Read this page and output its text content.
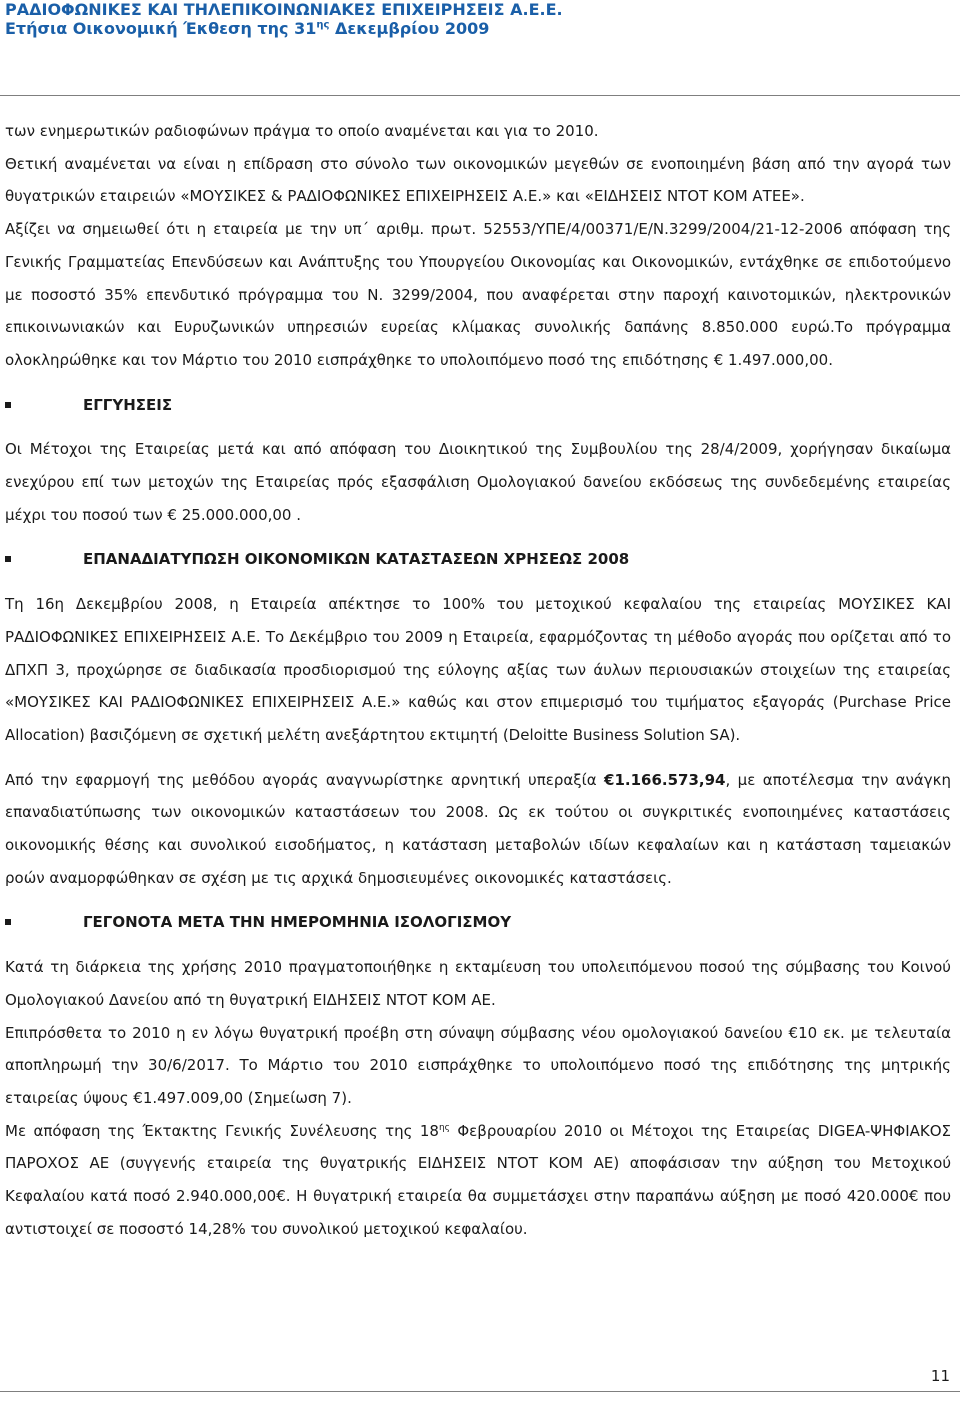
ΡΑΔΙΟΦΩΝΙΚΕΣ ΚΑΙ ΤΗΛΕΠΙΚΟΙΝΩΝΙΑΚΕΣ ΕΠΙΧΕΙΡΗΣΕΙΣ Α.Ε.Ε.
Ετήσια Οικονομική Έκθεση της $31^{\eta\varsigma}$ Δεκεμβρίου 2009

των ενημερωτικών ραδιοφώνων πράγμα το οποίο αναμένεται και για το 2010.

Θετική αναμένεται να είναι η επίδραση στο σύνολο των οικονομικών μεγεθών σε ενοποιημένη βάση από την αγορά των θυγατρικών εταιρειών «ΜΟΥΣΙΚΕΣ & ΡΑΔΙΟΦΩΝΙΚΕΣ ΕΠΙΧΕΙΡΗΣΕΙΣ Α.Ε.» και «ΕΙΔΗΣΕΙΣ ΝΤΟΤ ΚΟΜ ΑΤΕΕ».

Αξίζει να σημειωθεί ότι η εταιρεία με την υπ΄ αριθμ. πρωτ. 52553/ΥΠΕ/4/00371/Ε/Ν.3299/2004/21-12-2006 απόφαση της Γενικής Γραμματείας Επενδύσεων και Ανάπτυξης του Υπουργείου Οικονομίας και Οικονομικών, εντάχθηκε σε επιδοτούμενο με ποσοστό 35% επενδυτικό πρόγραμμα του Ν. 3299/2004, που αναφέρεται στην παροχή καινοτομικών, ηλεκτρονικών επικοινωνιακών και Ευρυζωνικών υπηρεσιών ευρείας κλίμακας συνολικής δαπάνης 8.850.000 ευρώ.Το πρόγραμμα ολοκληρώθηκε και τον Μάρτιο του 2010 εισπράχθηκε το υπολοιπόμενο ποσό της επιδότησης € 1.497.000,00.

ΕΓΓΥΗΣΕΙΣ

Οι Μέτοχοι της Εταιρείας μετά και από απόφαση του Διοικητικού της Συμβουλίου της 28/4/2009, χορήγησαν δικαίωμα ενεχύρου επί των μετοχών της Εταιρείας πρός εξασφάλιση Ομολογιακού δανείου εκδόσεως της συνδεδεμένης εταιρείας μέχρι του ποσού των € 25.000.000,00 .

ΕΠΑΝΑΔΙΑΤΥΠΩΣΗ ΟΙΚΟΝΟΜΙΚΩΝ ΚΑΤΑΣΤΑΣΕΩΝ ΧΡΗΣΕΩΣ 2008

Τη 16η Δεκεμβρίου 2008, η Εταιρεία απέκτησε το 100% του μετοχικού κεφαλαίου της εταιρείας ΜΟΥΣΙΚΕΣ ΚΑΙ ΡΑΔΙΟΦΩΝΙΚΕΣ ΕΠΙΧΕΙΡΗΣΕΙΣ Α.Ε. Το Δεκέμβριο του 2009 η Εταιρεία, εφαρμόζοντας τη μέθοδο αγοράς που ορίζεται από το ΔΠΧΠ 3, προχώρησε σε διαδικασία προσδιορισμού της εύλογης αξίας των άυλων περιουσιακών στοιχείων της εταιρείας «ΜΟΥΣΙΚΕΣ ΚΑΙ ΡΑΔΙΟΦΩΝΙΚΕΣ ΕΠΙΧΕΙΡΗΣΕΙΣ Α.Ε.» καθώς και στον επιμερισμό του τιμήματος εξαγοράς (Purchase Price Allocation) βασιζόμενη σε σχετική μελέτη ανεξάρτητου εκτιμητή (Deloitte Business Solution SA).

Από την εφαρμογή της μεθόδου αγοράς αναγνωρίστηκε αρνητική υπεραξία €1.166.573,94, με αποτέλεσμα την ανάγκη επαναδιατύπωσης των οικονομικών καταστάσεων του 2008. Ως εκ τούτου οι συγκριτικές ενοποιημένες καταστάσεις οικονομικής θέσης και συνολικού εισοδήματος, η κατάσταση μεταβολών ιδίων κεφαλαίων και η κατάσταση ταμειακών ροών αναμορφώθηκαν σε σχέση με τις αρχικά δημοσιευμένες οικονομικές καταστάσεις.

ΓΕΓΟΝΟΤΑ ΜΕΤΑ ΤΗΝ ΗΜΕΡΟΜΗΝΙΑ ΙΣΟΛΟΓΙΣΜΟΥ

Κατά τη διάρκεια της χρήσης 2010 πραγματοποιήθηκε η εκταμίευση του υπολειπόμενου ποσού της σύμβασης του Κοινού Ομολογιακού Δανείου από τη θυγατρική ΕΙΔΗΣΕΙΣ ΝΤΟΤ ΚΟΜ ΑΕ.

Επιπρόσθετα το 2010 η εν λόγω θυγατρική προέβη στη σύναψη σύμβασης νέου ομολογιακού δανείου €10 εκ. με τελευταία αποπληρωμή την 30/6/2017. Το Μάρτιο του 2010 εισπράχθηκε το υπολοιπόμενο ποσό της επιδότησης της μητρικής εταιρείας ύψους €1.497.009,00 (Σημείωση 7).

Με απόφαση της Έκτακτης Γενικής Συνέλευσης της $18^{\eta\varsigma}$ Φεβρουαρίου 2010 οι Μέτοχοι της Εταιρείας DIGEA-ΨΗΦΙΑΚΟΣ ΠΑΡΟΧΟΣ ΑΕ (συγγενής εταιρεία της θυγατρικής ΕΙΔΗΣΕΙΣ ΝΤΟΤ ΚΟΜ ΑΕ) αποφάσισαν την αύξηση του Μετοχικού Κεφαλαίου κατά ποσό 2.940.000,00€. Η θυγατρική εταιρεία θα συμμετάσχει στην παραπάνω αύξηση με ποσό 420.000€ που αντιστοιχεί σε ποσοστό 14,28% του συνολικού μετοχικού κεφαλαίου.

11
